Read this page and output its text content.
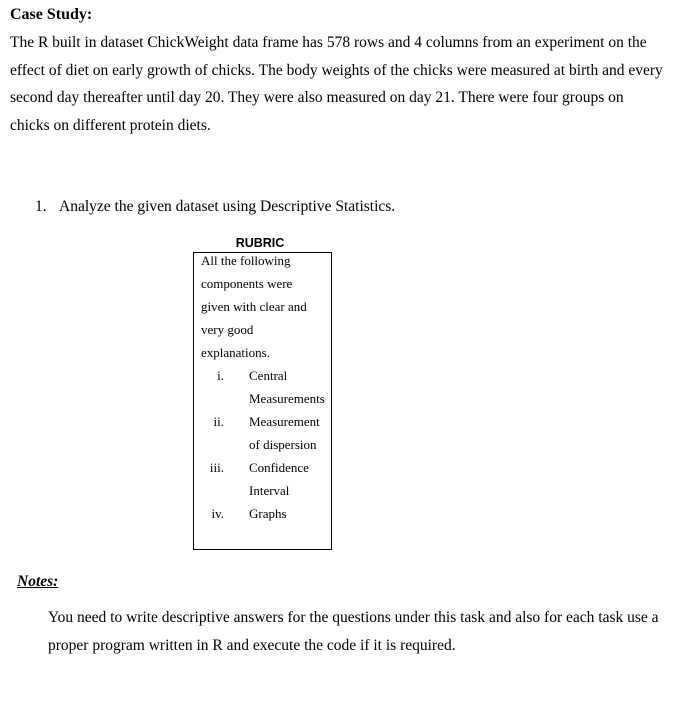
Case Study:
The R built in dataset ChickWeight data frame has 578 rows and 4 columns from an experiment on the effect of diet on early growth of chicks. The body weights of the chicks were measured at birth and every second day thereafter until day 20. They were also measured on day 21. There were four groups on chicks on different protein diets.
1. Analyze the given dataset using Descriptive Statistics.
RUBRIC
All the following
components were
given with clear and
very good
explanations.
i. Central
Measurements
ii. Measurement
of dispersion
iii. Confidence
Interval
iv. Graphs
Notes:
You need to write descriptive answers for the questions under this task and also for each task use a proper program written in R and execute the code if it is required.
